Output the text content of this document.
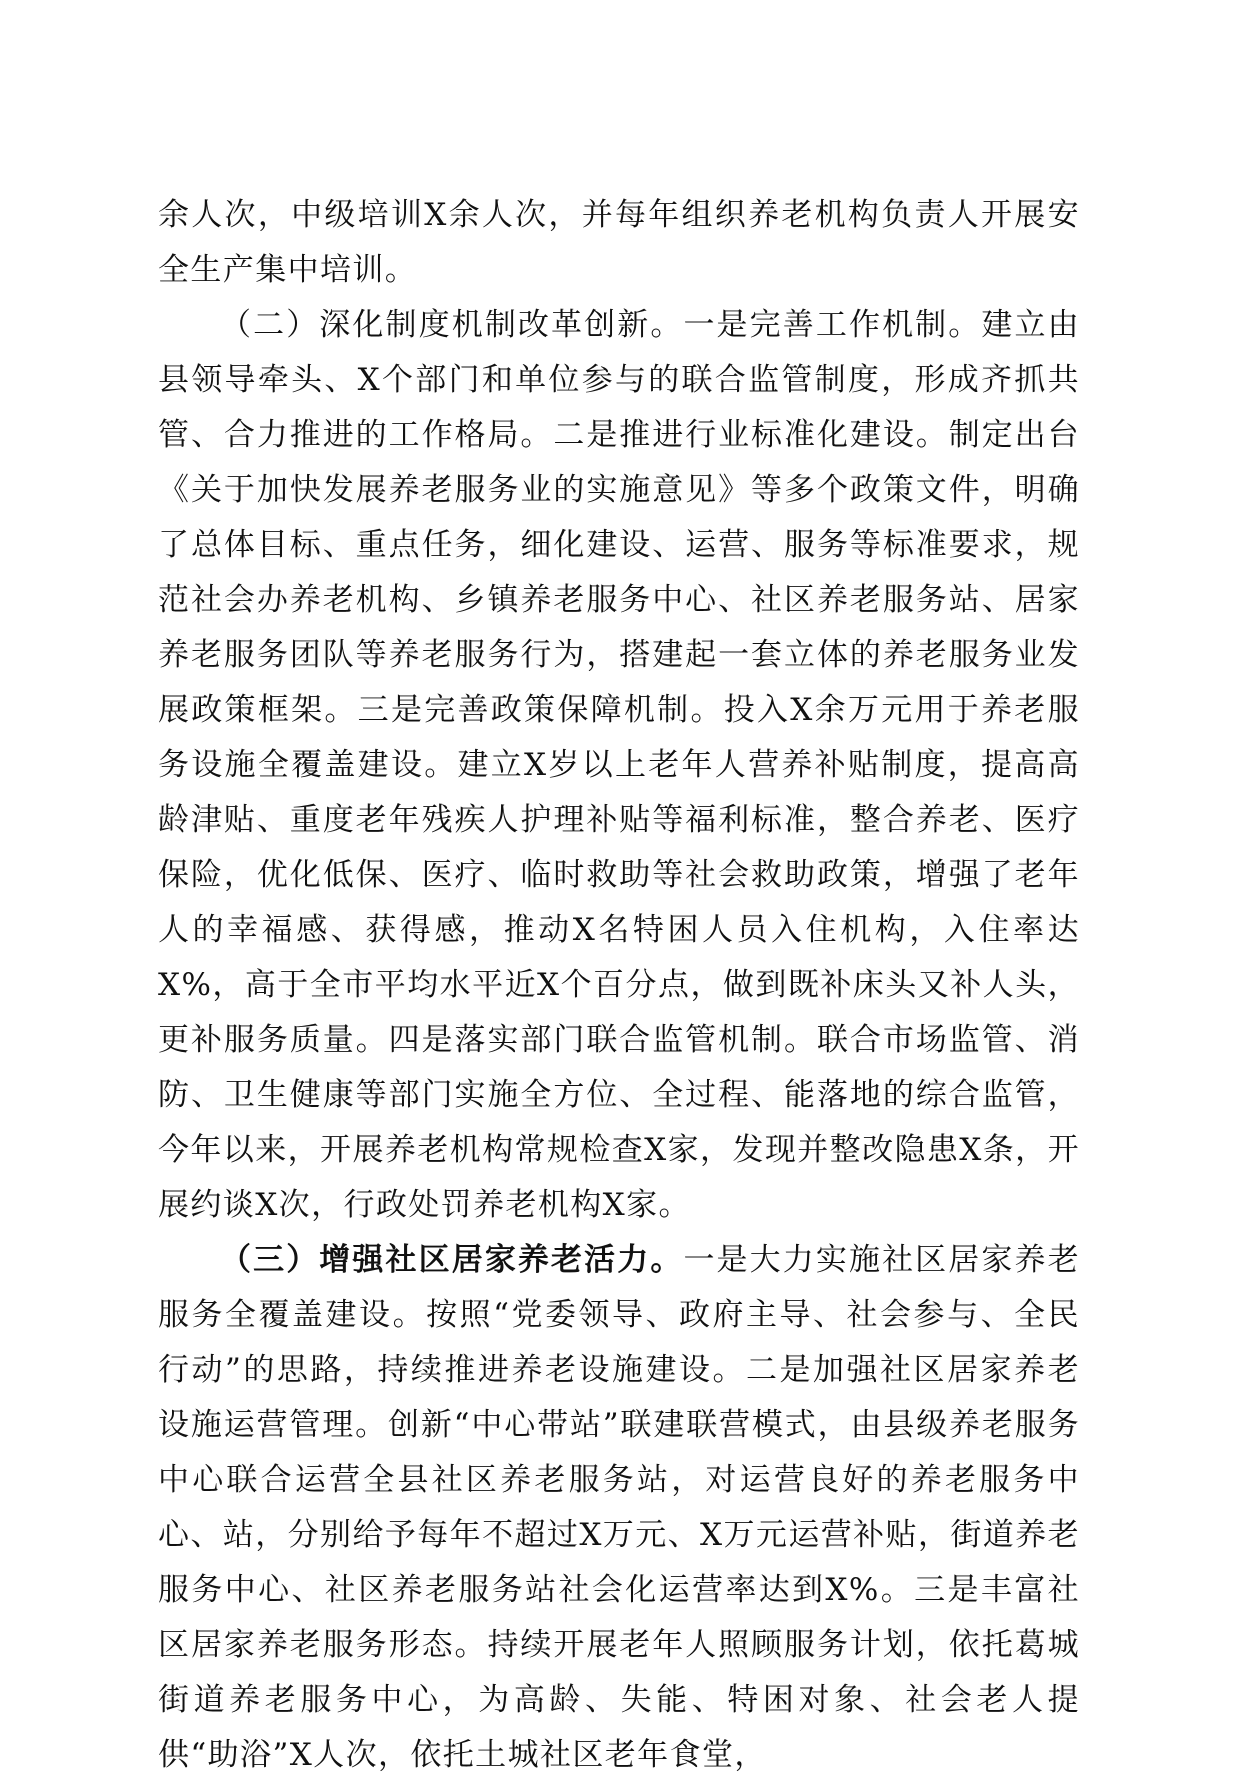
余人次，中级培训X余人次，并每年组织养老机构负责人开展安全生产集中培训。

（二）深化制度机制改革创新。一是完善工作机制。建立由县领导牵头、X个部门和单位参与的联合监管制度，形成齐抓共管、合力推进的工作格局。二是推进行业标准化建设。制定出台《关于加快发展养老服务业的实施意见》等多个政策文件，明确了总体目标、重点任务，细化建设、运营、服务等标准要求，规范社会办养老机构、乡镇养老服务中心、社区养老服务站、居家养老服务团队等养老服务行为，搭建起一套立体的养老服务业发展政策框架。三是完善政策保障机制。投入X余万元用于养老服务设施全覆盖建设。建立X岁以上老年人营养补贴制度，提高高龄津贴、重度老年残疾人护理补贴等福利标准，整合养老、医疗保险，优化低保、医疗、临时救助等社会救助政策，增强了老年人的幸福感、获得感，推动X名特困人员入住机构，入住率达X%，高于全市平均水平近X个百分点，做到既补床头又补人头，更补服务质量。四是落实部门联合监管机制。联合市场监管、消防、卫生健康等部门实施全方位、全过程、能落地的综合监管，今年以来，开展养老机构常规检查X家，发现并整改隐患X条，开展约谈X次，行政处罚养老机构X家。

（三）增强社区居家养老活力。一是大力实施社区居家养老服务全覆盖建设。按照“党委领导、政府主导、社会参与、全民行动”的思路，持续推进养老设施建设。二是加强社区居家养老设施运营管理。创新“中心带站”联建联营模式，由县级养老服务中心联合运营全县社区养老服务站，对运营良好的养老服务中心、站，分别给予每年不超过X万元、X万元运营补贴，街道养老服务中心、社区养老服务站社会化运营率达到X%。三是丰富社区居家养老服务形态。持续开展老年人照顾服务计划，依托葛城街道养老服务中心，为高龄、失能、特困对象、社会老人提供“助浴”X人次，依托土城社区老年食堂，
